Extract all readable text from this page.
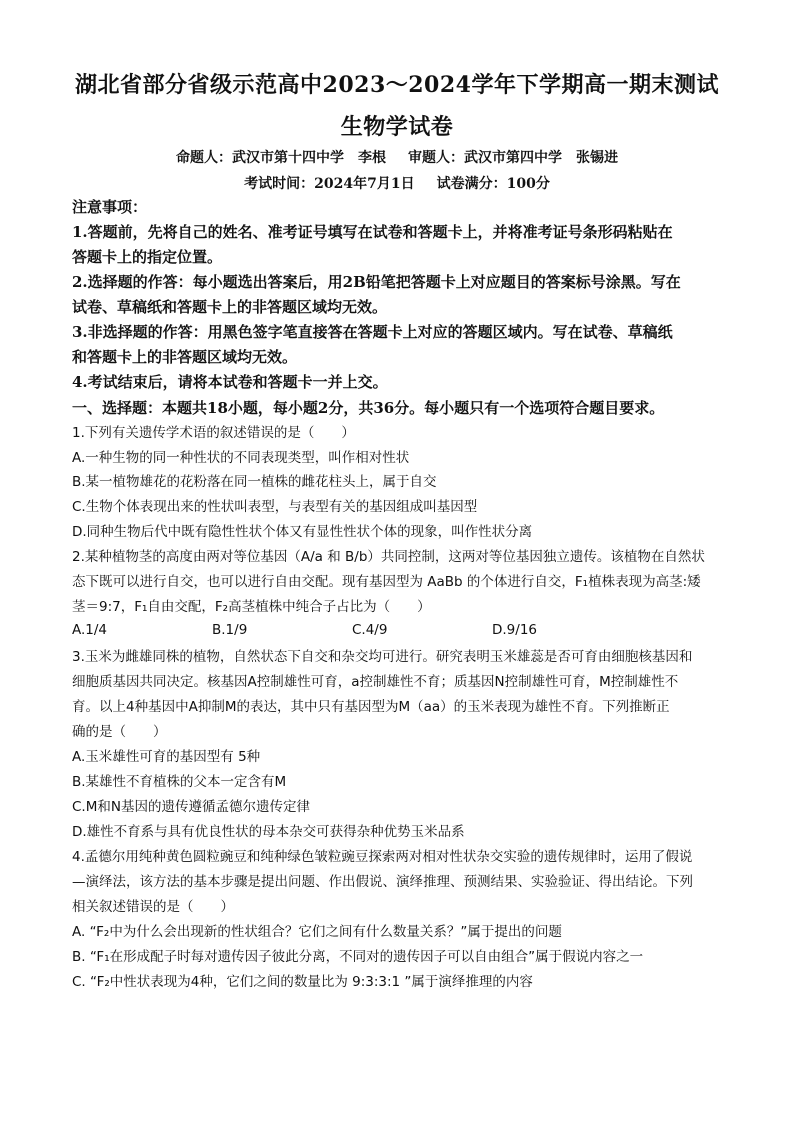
湖北省部分省级示范高中2023～2024学年下学期高一期末测试
生物学试卷
命题人：武汉市第十四中学　李根 审题人：武汉市第四中学　张锡进
考试时间：2024年7月1日 试卷满分：100分
注意事项：
1.答题前，先将自己的姓名、准考证号填写在试卷和答题卡上，并将准考证号条形码粘贴在
答题卡上的指定位置。
2.选择题的作答：每小题选出答案后，用2B铅笔把答题卡上对应题目的答案标号涂黑。写在
试卷、草稿纸和答题卡上的非答题区域均无效。
3.非选择题的作答：用黑色签字笔直接答在答题卡上对应的答题区域内。写在试卷、草稿纸
和答题卡上的非答题区域均无效。
4.考试结束后，请将本试卷和答题卡一并上交。
一、选择题：本题共18小题，每小题2分，共36分。每小题只有一个选项符合题目要求。
1.下列有关遗传学术语的叙述错误的是（　　）
A.一种生物的同一种性状的不同表现类型，叫作相对性状
B.某一植物雄花的花粉落在同一植株的雌花柱头上，属于自交
C.生物个体表现出来的性状叫表型，与表型有关的基因组成叫基因型
D.同种生物后代中既有隐性性状个体又有显性性状个体的现象，叫作性状分离
2.某种植物茎的高度由两对等位基因（A/a 和 B/b）共同控制，这两对等位基因独立遗传。该植物在自然状
态下既可以进行自交，也可以进行自由交配。现有基因型为 AaBb 的个体进行自交，F₁植株表现为高茎:矮
茎＝9:7，F₁自由交配，F₂高茎植株中纯合子占比为（　　）
A.1/4	B.1/9	C.4/9	D.9/16
3.玉米为雌雄同株的植物，自然状态下自交和杂交均可进行。研究表明玉米雄蕊是否可育由细胞核基因和
细胞质基因共同决定。核基因A控制雄性可育，a控制雄性不育；质基因N控制雄性可育，M控制雄性不
育。以上4种基因中A抑制M的表达，其中只有基因型为M（aa）的玉米表现为雄性不育。下列推断正
确的是（　　）
A.玉米雄性可育的基因型有 5种
B.某雄性不育植株的父本一定含有M
C.M和N基因的遗传遵循孟德尔遗传定律
D.雄性不育系与具有优良性状的母本杂交可获得杂种优势玉米品系
4.孟德尔用纯种黄色圆粒豌豆和纯种绿色皱粒豌豆探索两对相对性状杂交实验的遗传规律时，运用了假说
—演绎法，该方法的基本步骤是提出问题、作出假说、演绎推理、预测结果、实验验证、得出结论。下列
相关叙述错误的是（　　）
A. “F₂中为什么会出现新的性状组合？它们之间有什么数量关系？”属于提出的问题
B. “F₁在形成配子时每对遗传因子彼此分离，不同对的遗传因子可以自由组合”属于假说内容之一
C. “F₂中性状表现为4种，它们之间的数量比为 9:3:3:1 ”属于演绎推理的内容
